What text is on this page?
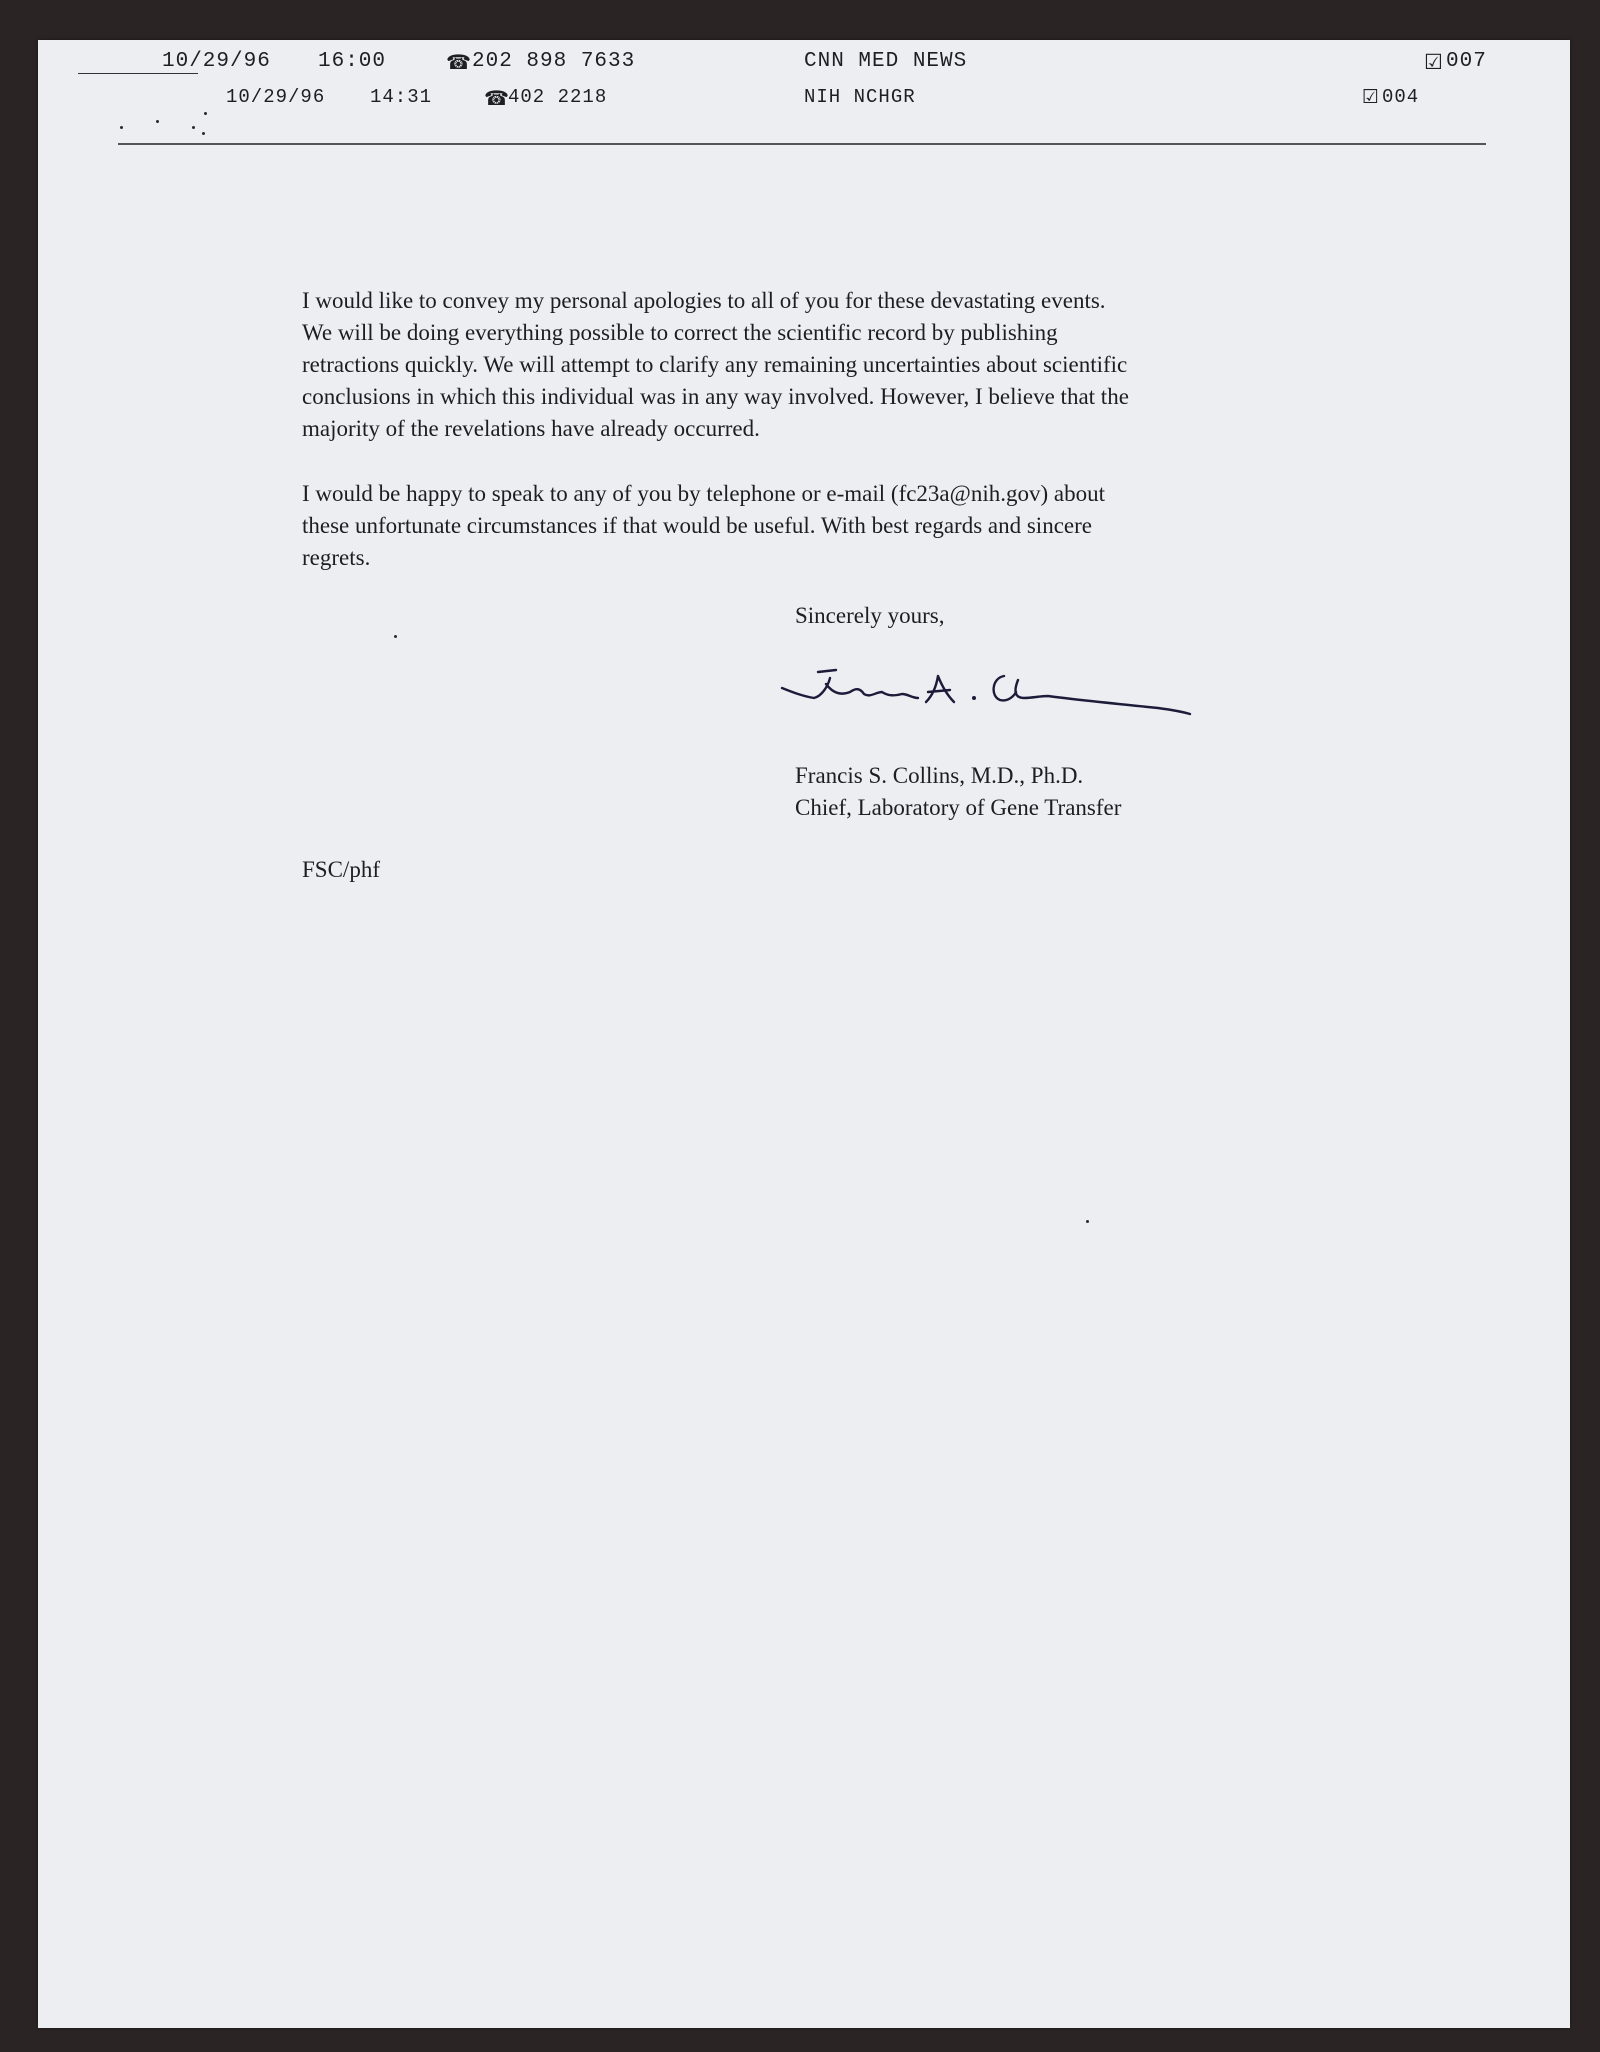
10/29/96

16:00

	☎

202 898 7633

	CNN MED NEWS

	☑

007

10/29/96

14:31

	☎

402 2218

	NIH NCHGR

	☑

004

I would like to convey my personal apologies to all of you for these devastating events.
We will be doing everything possible to correct the scientific record by publishing
retractions quickly. We will attempt to clarify any remaining uncertainties about scientific
conclusions in which this individual was in any way involved. However, I believe that the
majority of the revelations have already occurred.
I would be happy to speak to any of you by telephone or e-mail (fc23a@nih.gov) about
these unfortunate circumstances if that would be useful. With best regards and sincere
regrets.
Sincerely yours,
Francis S. Collins, M.D., Ph.D.
Chief, Laboratory of Gene Transfer
FSC/phf
